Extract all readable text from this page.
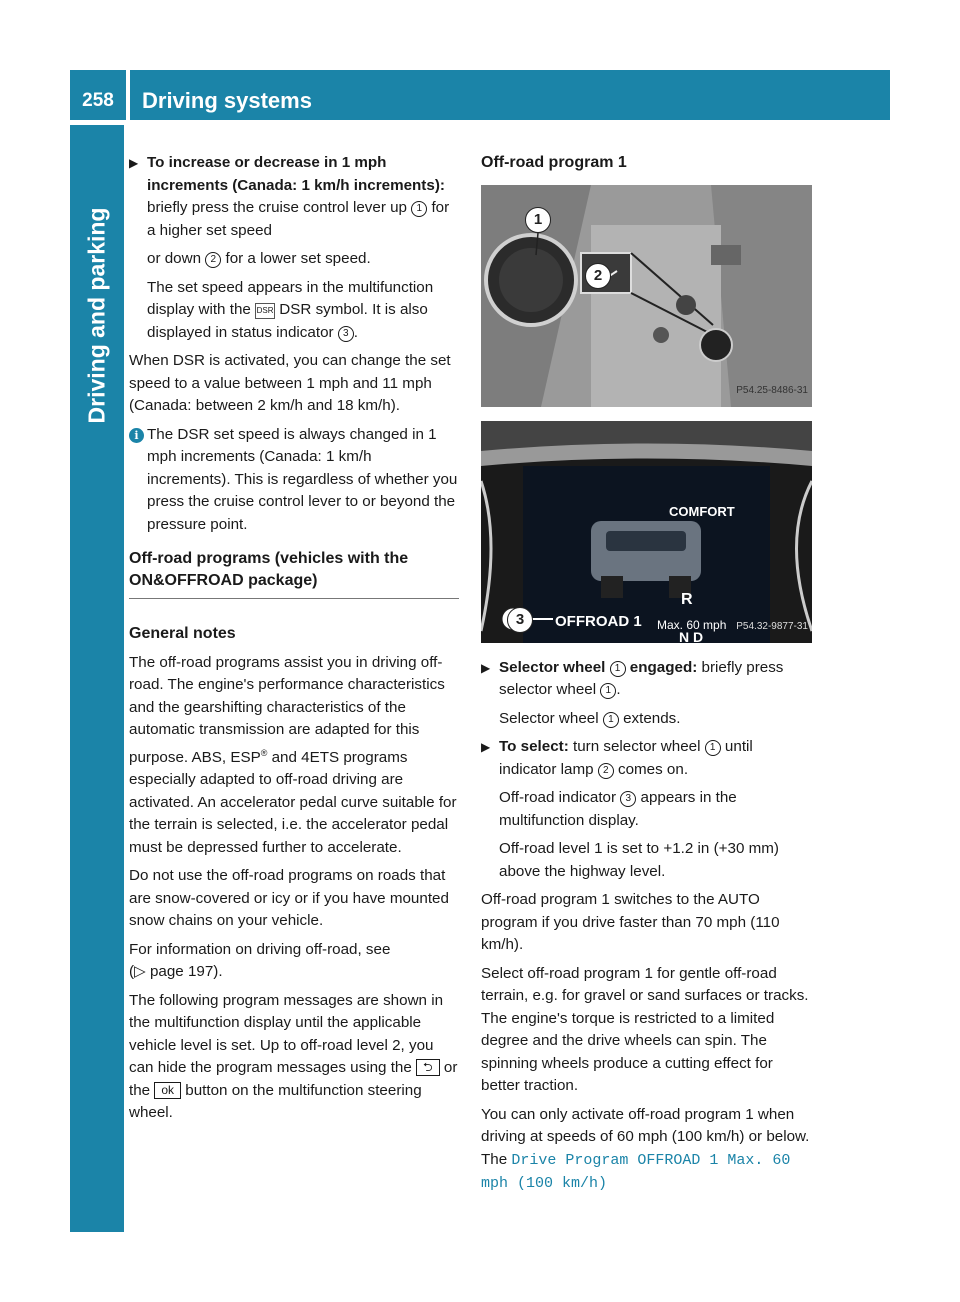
258	Driving systems
Driving and parking

▶ To increase or decrease in 1 mph increments (Canada: 1 km/h increments): briefly press the cruise control lever up 1 for a higher set speed

or down 2 for a lower set speed.

The set speed appears in the multifunction display with the DSR DSR symbol. It is also displayed in status indicator 3 .

When DSR is activated, you can change the set speed to a value between 1 mph and 11 mph (Canada: between 2 km/h and 18 km/h).

i The DSR set speed is always changed in 1 mph increments (Canada: 1 km/h increments). This is regardless of whether you press the cruise control lever to or beyond the pressure point.

Off-road programs (vehicles with the ON&OFFROAD package)
General notes

The off-road programs assist you in driving off-road. The engine's performance characteristics and the gearshifting characteristics of the automatic transmission are adapted for this purpose. ABS, ESP® and 4ETS programs especially adapted to off-road driving are activated. An accelerator pedal curve suitable for the terrain is selected, i.e. the accelerator pedal must be depressed further to accelerate.

Do not use the off-road programs on roads that are snow-covered or icy or if you have mounted snow chains on your vehicle.

For information on driving off-road, see
(▷ page 197).

The following program messages are shown in the multifunction display until the applicable vehicle level is set. Up to off-road level 2, you can hide the program messages using the ⮌ or the ok button on the multifunction steering wheel.

Off-road program 1
1
2
P54.25-8486-31
COMFORT
OFFROAD 1 Max. 60 mph
R
N D
3	P54.32-9877-31

▶ Selector wheel 1 engaged: briefly press selector wheel 1 .

Selector wheel 1 extends.

▶ To select: turn selector wheel 1 until indicator lamp 2 comes on.

Off-road indicator 3 appears in the multifunction display.

Off-road level 1 is set to +1.2 in (+30 mm) above the highway level.

Off-road program 1 switches to the AUTO program if you drive faster than 70 mph (110 km/h).

Select off-road program 1 for gentle off-road terrain, e.g. for gravel or sand surfaces or tracks. The engine's torque is restricted to a limited degree and the drive wheels can spin. The spinning wheels produce a cutting effect for better traction.

You can only activate off-road program 1 when driving at speeds of 60 mph (100 km/h) or below. The Drive Program OFFROAD 1 Max. 60 mph (100 km/h)
